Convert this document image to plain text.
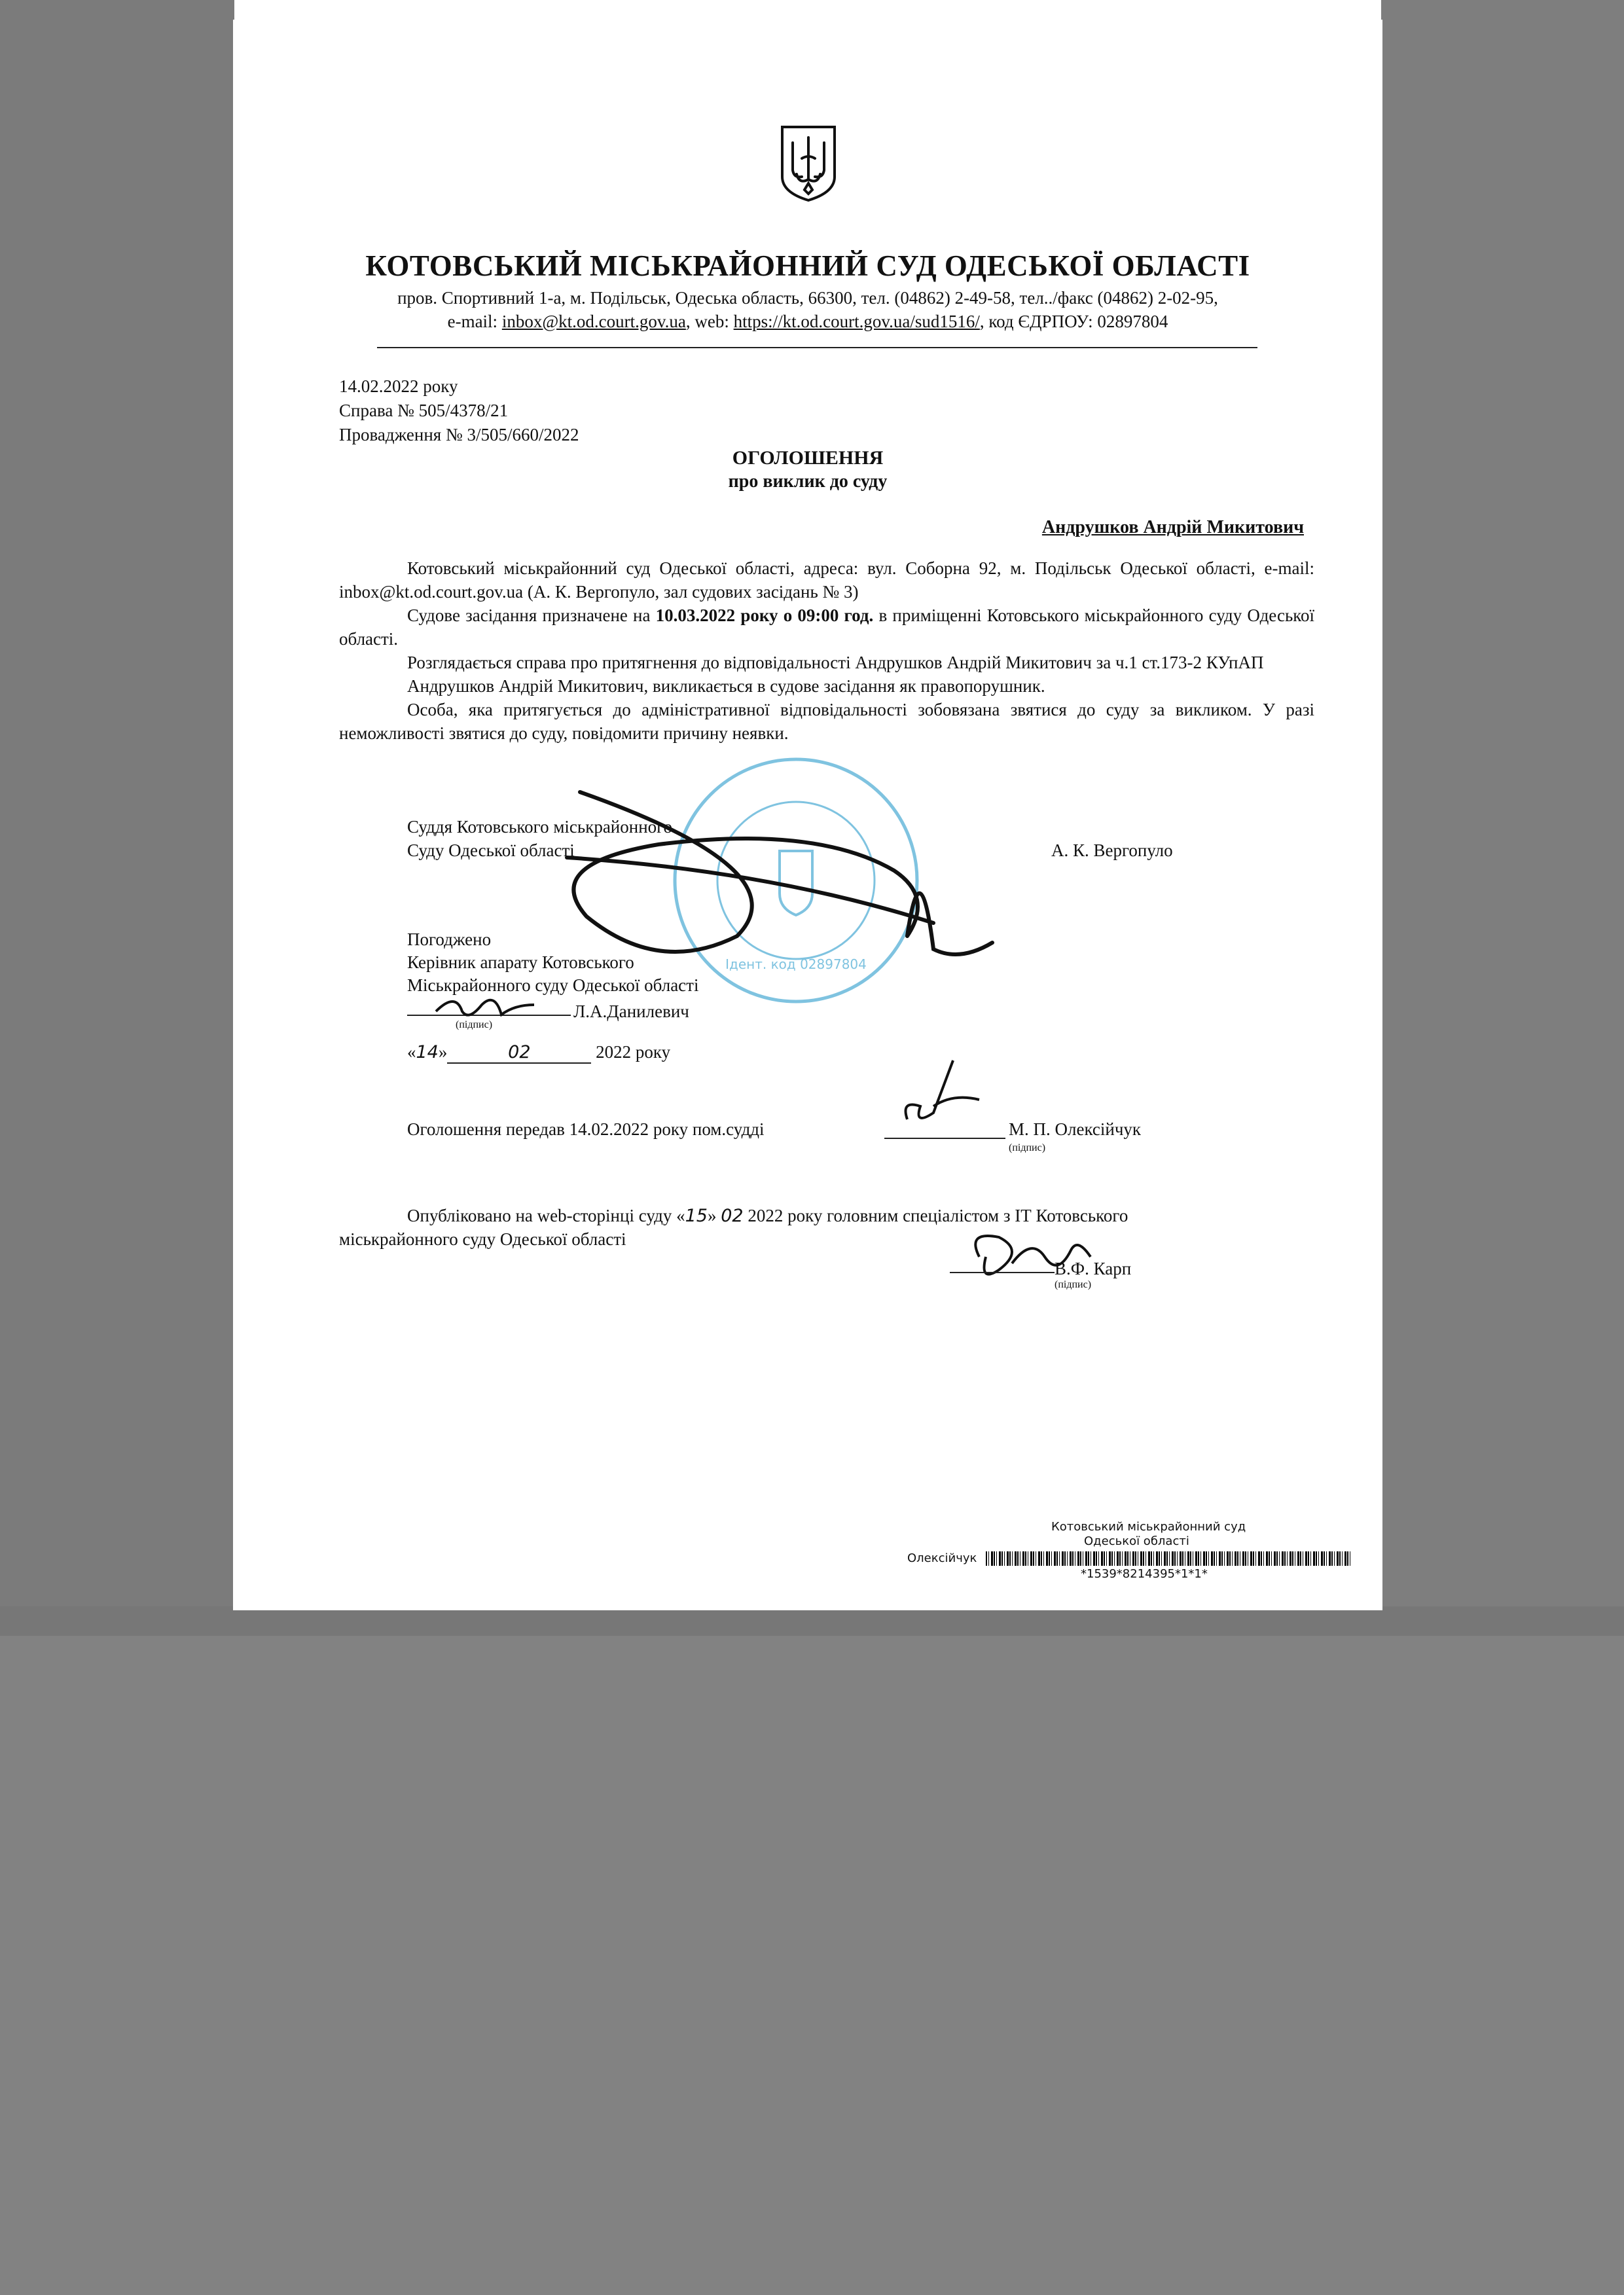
КОТОВСЬКИЙ МІСЬКРАЙОННИЙ СУД ОДЕСЬКОЇ ОБЛАСТІ
пров. Спортивний 1-а, м. Подільськ, Одеська область, 66300, тел. (04862) 2-49-58, тел../факс (04862) 2-02-95,
e-mail: inbox@kt.od.court.gov.ua, web: https://kt.od.court.gov.ua/sud1516/, код ЄДРПОУ: 02897804
14.02.2022 року
Справа № 505/4378/21
Провадження № 3/505/660/2022
ОГОЛОШЕННЯ
про виклик до суду
Андрушков Андрій Микитович

Котовський міськрайонний суд Одеської області, адреса: вул. Соборна 92, м. Подільськ Одеської області, e-mail: inbox@kt.od.court.gov.ua (А. К. Вергопуло, зал судових засідань № 3)

Судове засідання призначене на 10.03.2022 року о 09:00 год. в приміщенні Котовського міськрайонного суду Одеської області.

Розглядається справа про притягнення до відповідальності Андрушков Андрій Микитович за ч.1 ст.173-2 КУпАП

Андрушков Андрій Микитович, викликається в судове засідання як правопорушник.

Особа, яка притягується до адміністративної відповідальності зобовязана звятися до суду за викликом. У разі неможливості звятися до суду, повідомити причину неявки.

Суддя Котовського міськрайонного
Суду Одеської області	А. К. Вергопуло
Ідент. код 02897804
Погоджено
Керівник апарату Котовського
Міськрайонного суду Одеської області
Л.А.Данилевич
(підпис)
«14»	02	2022 року
Оголошення передав 14.02.2022 року пом.судді	М. П. Олексійчук
(підпис)
Опубліковано на web-сторінці суду «15» 02 2022 року головним спеціалістом з ІТ Котовського
міськрайонного суду Одеської області
В.Ф. Карп
(підпис)
Котовський міськрайонний суд
Одеської області
Олексійчук
*1539*8214395*1*1*
